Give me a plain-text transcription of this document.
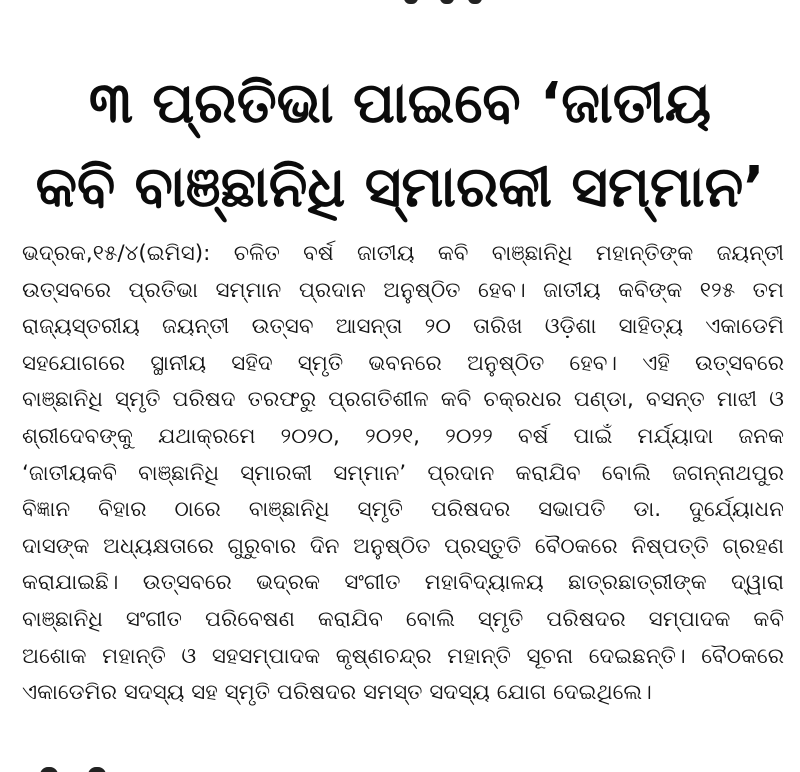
୩ ପ୍ରତିଭା ପାଇବେ ‘ଜାତୀୟ
କବି ବାଞ୍ଛାନିଧି ସ୍ମାରକୀ ସମ୍ମାନ’
ଭଦ୍ରକ,୧୫/୪(ଇମିସ): ଚଳିତ ବର୍ଷ ଜାତୀୟ କବି ବାଞ୍ଛାନିଧି ମହାନ୍ତିଙ୍କ ଜୟନ୍ତୀ
ଉତ୍ସବରେ ପ୍ରତିଭା ସମ୍ମାନ ପ୍ରଦାନ ଅନୁଷ୍ଠିତ ହେବ। ଜାତୀୟ କବିଙ୍କ ୧୨୫ ତମ
ରାଜ୍ୟସ୍ତରୀୟ ଜୟନ୍ତୀ ଉତ୍ସବ ଆସନ୍ତା ୨୦ ତାରିଖ ଓଡ଼ିଶା ସାହିତ୍ୟ ଏକାଡେମି
ସହଯୋଗରେ ସ୍ଥାନୀୟ ସହିଦ ସ୍ମୃତି ଭବନରେ ଅନୁଷ୍ଠିତ ହେବ। ଏହି ଉତ୍ସବରେ
ବାଞ୍ଛାନିଧି ସ୍ମୃତି ପରିଷଦ ତରଫରୁ ପ୍ରଗତିଶୀଳ କବି ଚକ୍ରଧର ପଣ୍ଡା, ବସନ୍ତ ମାଝୀ ଓ
ଶ୍ରୀଦେବଙ୍କୁ ଯଥାକ୍ରମେ ୨୦୨୦, ୨୦୨୧, ୨୦୨୨ ବର୍ଷ ପାଇଁ ମର୍ଯ୍ୟାଦା ଜନକ
‘ଜାତୀୟକବି ବାଞ୍ଛାନିଧି ସ୍ମାରକୀ ସମ୍ମାନ’ ପ୍ରଦାନ କରାଯିବ ବୋଲି ଜଗନ୍ନାଥପୁର
ବିଜ୍ଞାନ ବିହାର ଠାରେ ବାଞ୍ଛାନିଧି ସ୍ମୃତି ପରିଷଦର ସଭାପତି ଡା. ଦୁର୍ଯ୍ୟୋଧନ
ଦାସଙ୍କ ଅଧ୍ୟକ୍ଷତାରେ ଗୁରୁବାର ଦିନ ଅନୁଷ୍ଠିତ ପ୍ରସ୍ତୁତି ବୈଠକରେ ନିଷ୍ପତ୍ତି ଗ୍ରହଣ
କରାଯାଇଛି। ଉତ୍ସବରେ ଭଦ୍ରକ ସଂଗୀତ ମହାବିଦ୍ୟାଳୟ ଛାତ୍ରଛାତ୍ରୀଙ୍କ ଦ୍ୱାରା
ବାଞ୍ଛାନିଧି ସଂଗୀତ ପରିବେଷଣ କରାଯିବ ବୋଲି ସ୍ମୃତି ପରିଷଦର ସମ୍ପାଦକ କବି
ଅଶୋକ ମହାନ୍ତି ଓ ସହସମ୍ପାଦକ କୃଷ୍ଣଚନ୍ଦ୍ର ମହାନ୍ତି ସୂଚନା ଦେଇଛନ୍ତି। ବୈଠକରେ
ଏକାଡେମିର ସଦସ୍ୟ ସହ ସ୍ମୃତି ପରିଷଦର ସମସ୍ତ ସଦସ୍ୟ ଯୋଗ ଦେଇଥିଲେ।
